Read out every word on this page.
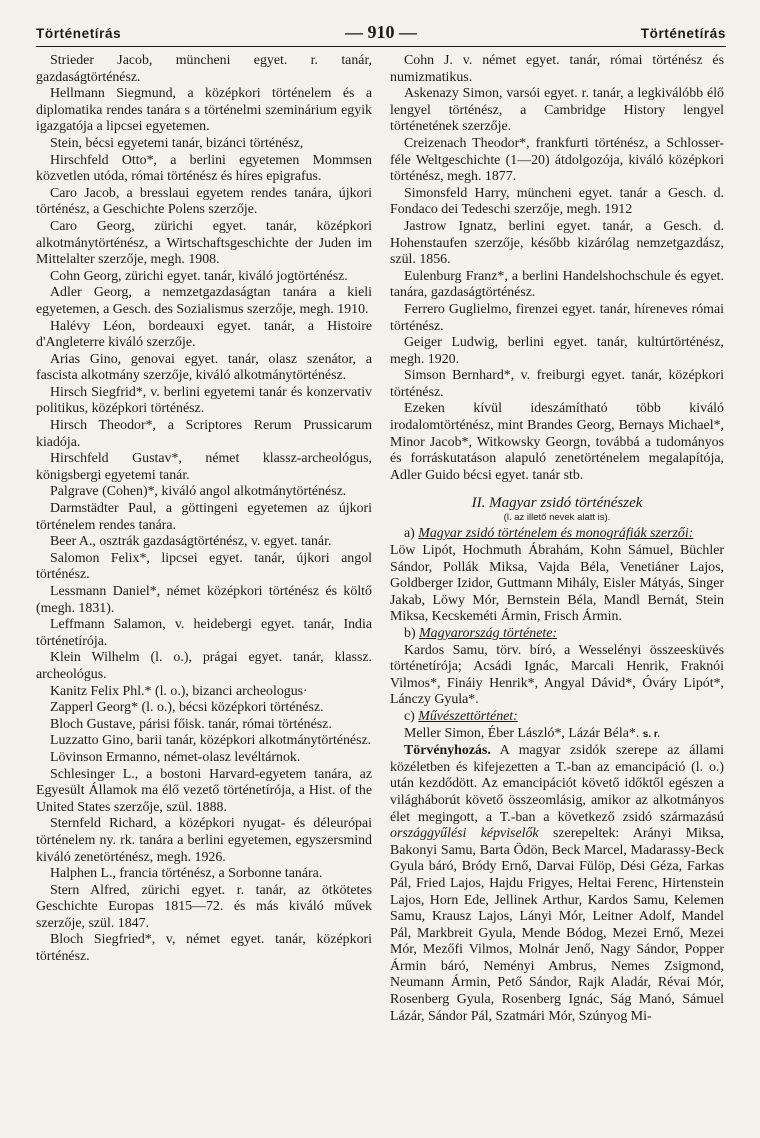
Történetírás	— 910 —	Történetírás

Strieder Jacob, müncheni egyet. r. tanár, gazdaságtörténész.

Hellmann Siegmund, a középkori történelem és a diplomatika rendes tanára s a történelmi szeminárium egyik igazgatója a lipcsei egyetemen.

Stein, bécsi egyetemi tanár, bizánci történész,

Hirschfeld Otto*, a berlini egyetemen Mommsen közvetlen utóda, római történész és híres epigrafus.

Caro Jacob, a bresslaui egyetem rendes tanára, újkori történész, a Geschichte Polens szerzője.

Caro Georg, zürichi egyet. tanár, középkori alkotmánytörténész, a Wirtschaftsgeschichte der Juden im Mittelalter szerzője, megh. 1908.

Cohn Georg, zürichi egyet. tanár, kiváló jogtörténész.

Adler Georg, a nemzetgazdaságtan tanára a kieli egyetemen, a Gesch. des Sozialismus szerzője, megh. 1910.

Halévy Léon, bordeauxi egyet. tanár, a Histoire d'Angleterre kiváló szerzője.

Arias Gino, genovai egyet. tanár, olasz szenátor, a fascista alkotmány szerzője, kiváló alkotmánytörténész.

Hirsch Siegfrid*, v. berlini egyetemi tanár és konzervativ politikus, középkori történész.

Hirsch Theodor*, a Scriptores Rerum Prussicarum kiadója.

Hirschfeld Gustav*, német klassz-archeológus, königsbergi egyetemi tanár.

Palgrave (Cohen)*, kiváló angol alkotmánytörténész.

Darmstädter Paul, a göttingeni egyetemen az újkori történelem rendes tanára.

Beer A., osztrák gazdaságtörténész, v. egyet. tanár.

Salomon Felix*, lipcsei egyet. tanár, újkori angol történész.

Lessmann Daniel*, német középkori történész és költő (megh. 1831).

Leffmann Salamon, v. heidebergi egyet. tanár, India történetírója.

Klein Wilhelm (l. o.), prágai egyet. tanár, klassz. archeológus.

Kanitz Felix Phl.* (l. o.), bizanci archeologus·

Zapperl Georg* (l. o.), bécsi középkori történész.

Bloch Gustave, párisi főisk. tanár, római történész.

Luzzatto Gino, barii tanár, középkori alkotmánytörténész.

Lövinson Ermanno, német-olasz levéltárnok.

Schlesinger L., a bostoni Harvard-egyetem tanára, az Egyesült Államok ma élő vezető történetírója, a Hist. of the United States szerzője, szül. 1888.

Sternfeld Richard, a középkori nyugat- és déleurópai történelem ny. rk. tanára a berlini egyetemen, egyszersmind kiváló zenetörténész, megh. 1926.

Halphen L., francia történész, a Sorbonne tanára.

Stern Alfred, zürichi egyet. r. tanár, az ötkötetes Geschichte Europas 1815—72. és más kiváló művek szerzője, szül. 1847.

Bloch Siegfried*, v, német egyet. tanár, középkori történész.

Cohn J. v. német egyet. tanár, római történész és numizmatikus.

Askenazy Simon, varsói egyet. r. tanár, a legkiválóbb élő lengyel történész, a Cambridge History lengyel történetének szerzője.

Creizenach Theodor*, frankfurti történész, a Schlosser-féle Weltgeschichte (1—20) átdolgozója, kiváló középkori történész, megh. 1877.

Simonsfeld Harry, müncheni egyet. tanár a Gesch. d. Fondaco dei Tedeschi szerzője, megh. 1912

Jastrow Ignatz, berlini egyet. tanár, a Gesch. d. Hohenstaufen szerzője, később kizárólag nemzetgazdász, szül. 1856.

Eulenburg Franz*, a berlini Handelshochschule és egyet. tanára, gazdaságtörténész.

Ferrero Guglielmo, firenzei egyet. tanár, híreneves római történész.

Geiger Ludwig, berlini egyet. tanár, kultúrtörténész, megh. 1920.

Simson Bernhard*, v. freiburgi egyet. tanár, középkori történész.

Ezeken kívül ideszámítható több kiváló irodalomtörténész, mint Brandes Georg, Bernays Michael*, Minor Jacob*, Witkowsky Georgn, továbbá a tudományos és forráskutatáson alapuló zenetörténelem megalapítója, Adler Guido bécsi egyet. tanár stb.

II. Magyar zsidó történészek

(l. az illető nevek alatt is).

a) Magyar zsidó történelem és monográfiák szerzői:

Löw Lipót, Hochmuth Ábrahám, Kohn Sámuel, Büchler Sándor, Pollák Miksa, Vajda Béla, Venetiáner Lajos, Goldberger Izidor, Guttmann Mihály, Eisler Mátyás, Singer Jakab, Löwy Mór, Bernstein Béla, Mandl Bernát, Stein Miksa, Kecskeméti Ármin, Frisch Ármin.

b) Magyarország története:

Kardos Samu, törv. bíró, a Wesselényi összeesküvés történetírója; Acsádi Ignác, Marcali Henrik, Fraknói Vilmos*, Fináiy Henrik*, Angyal Dávid*, Óváry Lipót*, Lánczy Gyula*.

c) Művészettörténet:

Meller Simon, Éber László*, Lázár Béla*. s. r.

Törvényhozás. A magyar zsidók szerepe az állami közéletben és kifejezetten a T.-ban az emancipáció (l. o.) után kezdődött. Az emancipációt követő időktől egészen a világháborút követő összeomlásig, amikor az alkotmányos élet megingott, a T.-ban a következő zsidó származású országgyűlési képviselők szerepeltek: Arányi Miksa, Bakonyi Samu, Barta Ödön, Beck Marcel, Madarassy-Beck Gyula báró, Bródy Ernő, Darvai Fülöp, Dési Géza, Farkas Pál, Fried Lajos, Hajdu Frigyes, Heltai Ferenc, Hirtenstein Lajos, Horn Ede, Jellinek Arthur, Kardos Samu, Kelemen Samu, Krausz Lajos, Lányi Mór, Leitner Adolf, Mandel Pál, Markbreit Gyula, Mende Bódog, Mezei Ernő, Mezei Mór, Mezőfi Vilmos, Molnár Jenő, Nagy Sándor, Popper Ármin báró, Neményi Ambrus, Nemes Zsigmond, Neumann Ármin, Pető Sándor, Rajk Aladár, Révai Mór, Rosenberg Gyula, Rosenberg Ignác, Ság Manó, Sámuel Lázár, Sándor Pál, Szatmári Mór, Szúnyog Mi-
